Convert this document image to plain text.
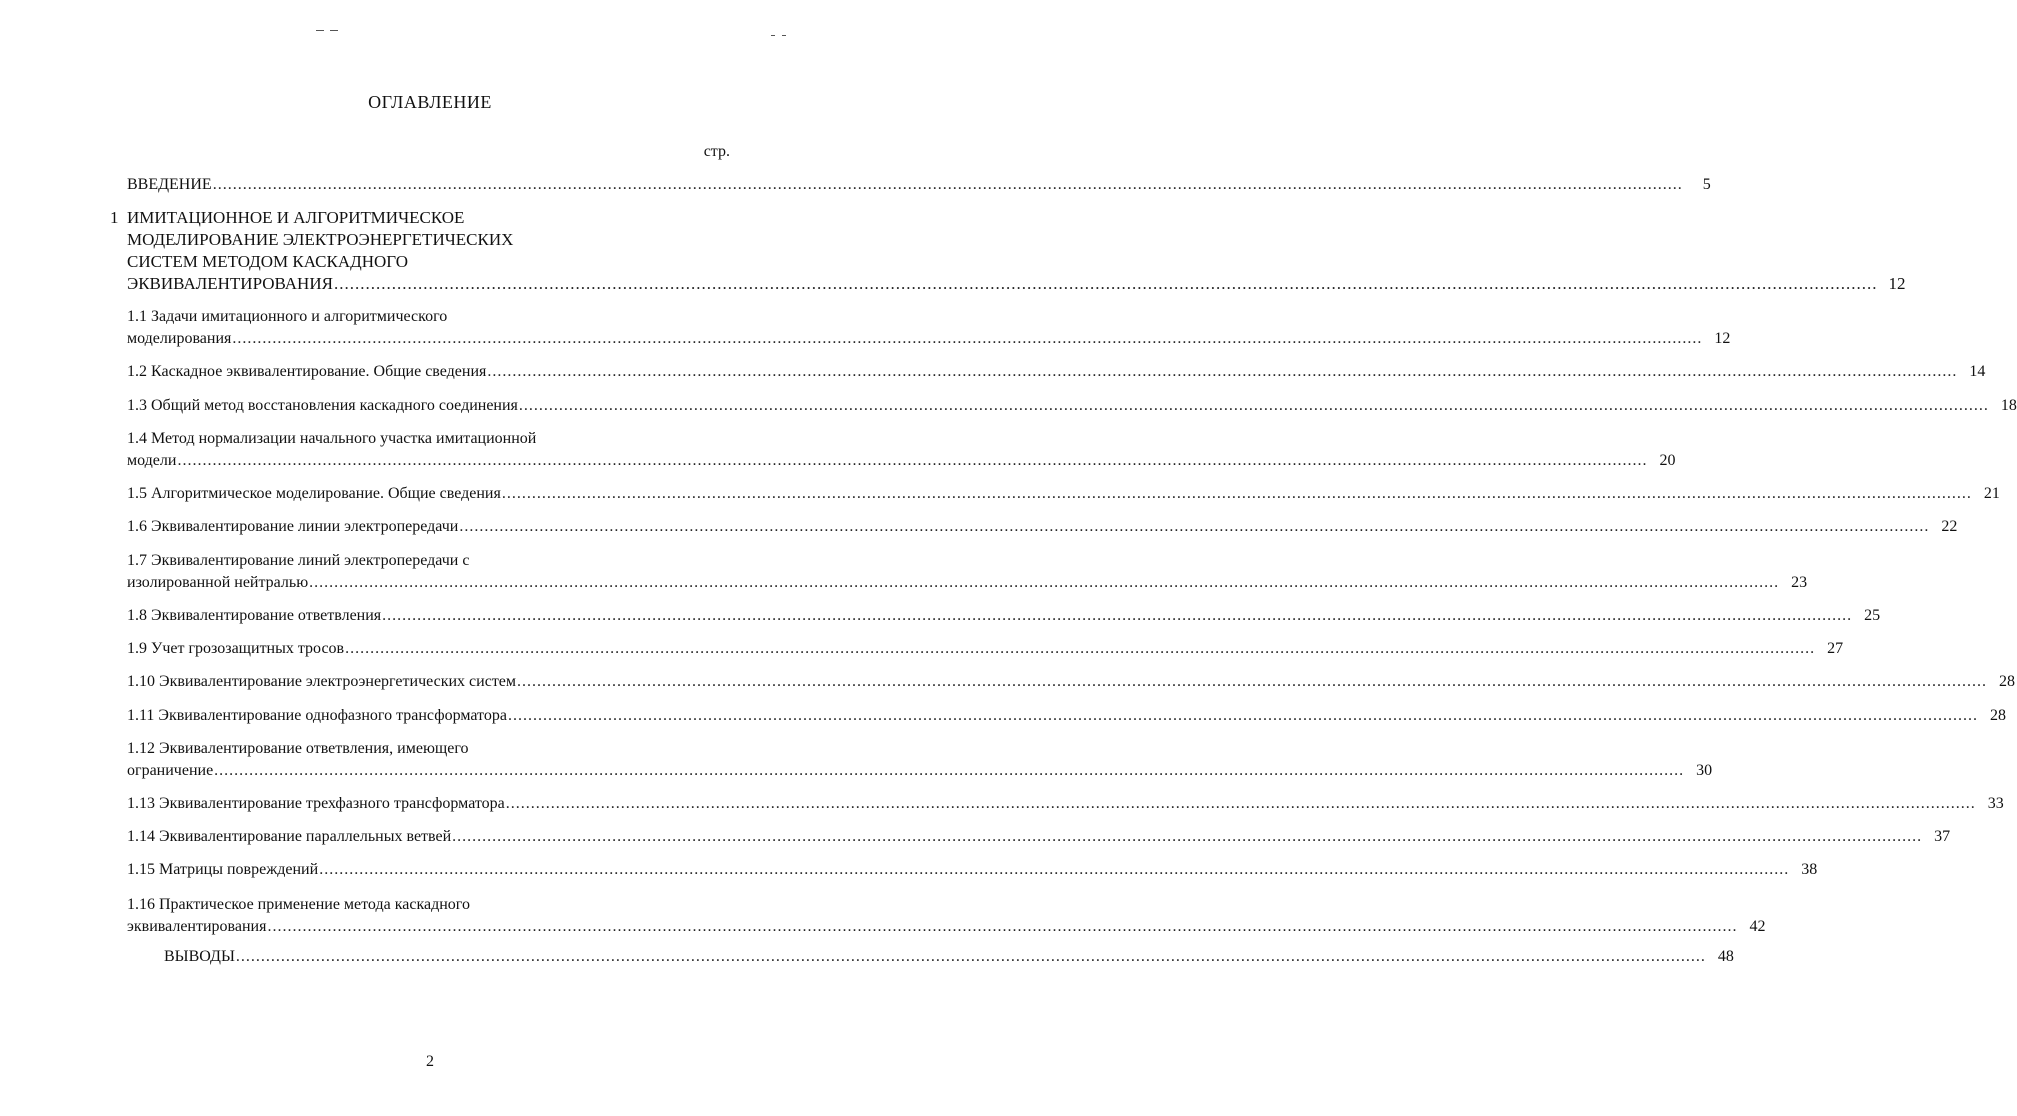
ОГЛАВЛЕНИЕ
стр.
ВВЕДЕНИЕ ......................................................................................................................................................................................................................................................................................................	5
1 ИМИТАЦИОННОЕ И АЛГОРИТМИЧЕСКОЕ
МОДЕЛИРОВАНИЕ ЭЛЕКТРОЭНЕРГЕТИЧЕСКИХ
СИСТЕМ МЕТОДОМ КАСКАДНОГО
ЭКВИВАЛЕНТИРОВАНИЯ ...................................................................................................................................................................................................................................................................................................... 12
1.1 Задачи имитационного и алгоритмического
моделирования ...................................................................................................................................................................................................................................................................................................... 12
1.2 Каскадное эквивалентирование. Общие сведения ...................................................................................................................................................................................................................................................................................................... 14
1.3 Общий метод восстановления каскадного соединения ...................................................................................................................................................................................................................................................................................................... 18
1.4 Метод нормализации начального участка имитационной
модели ...................................................................................................................................................................................................................................................................................................... 20
1.5 Алгоритмическое моделирование. Общие сведения ...................................................................................................................................................................................................................................................................................................... 21
1.6 Эквивалентирование линии электропередачи ...................................................................................................................................................................................................................................................................................................... 22
1.7 Эквивалентирование линий электропередачи с
изолированной нейтралью ...................................................................................................................................................................................................................................................................................................... 23
1.8 Эквивалентирование ответвления ...................................................................................................................................................................................................................................................................................................... 25
1.9 Учет грозозащитных тросов ...................................................................................................................................................................................................................................................................................................... 27
1.10 Эквивалентирование электроэнергетических систем ...................................................................................................................................................................................................................................................................................................... 28
1.11 Эквивалентирование однофазного трансформатора ...................................................................................................................................................................................................................................................................................................... 28
1.12 Эквивалентирование ответвления, имеющего
ограничение ...................................................................................................................................................................................................................................................................................................... 30
1.13 Эквивалентирование трехфазного трансформатора ...................................................................................................................................................................................................................................................................................................... 33
1.14 Эквивалентирование параллельных ветвей ...................................................................................................................................................................................................................................................................................................... 37
1.15 Матрицы повреждений ...................................................................................................................................................................................................................................................................................................... 38
1.16 Практическое применение метода каскадного
эквивалентирования ...................................................................................................................................................................................................................................................................................................... 42
ВЫВОДЫ ...................................................................................................................................................................................................................................................................................................... 48
2
